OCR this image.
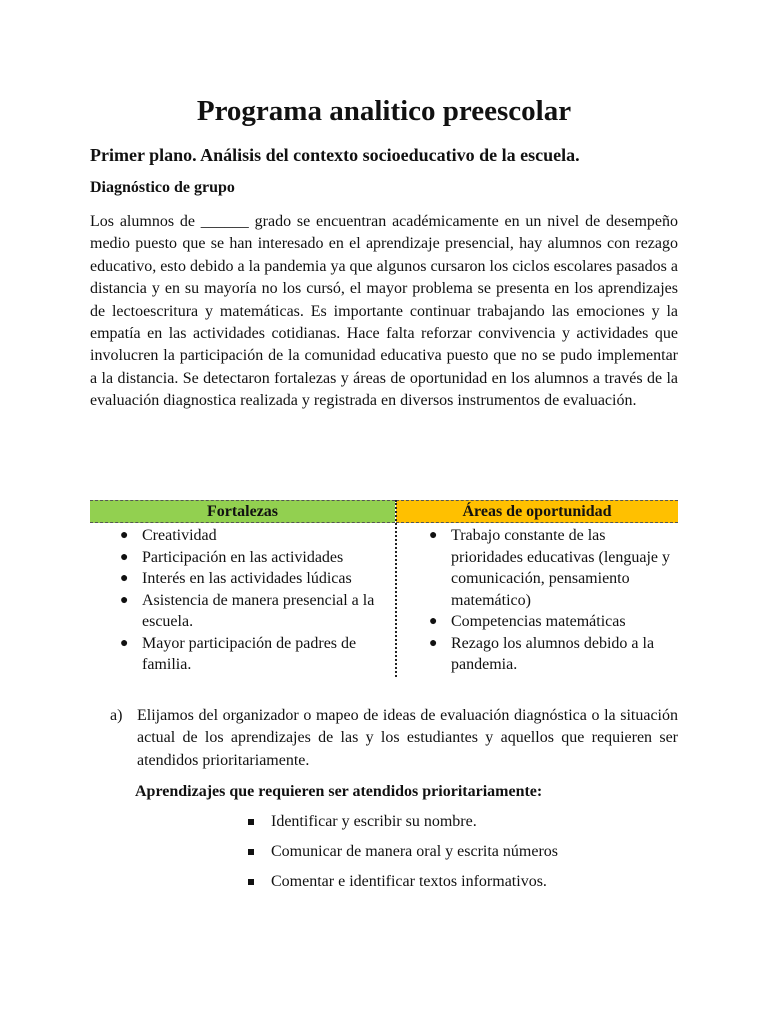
Programa analitico preescolar
Primer plano. Análisis del contexto socioeducativo de la escuela.
Diagnóstico de grupo

Los alumnos de ______ grado se encuentran académicamente en un nivel de desempeño medio puesto que se han interesado en el aprendizaje presencial, hay alumnos con rezago educativo, esto debido a la pandemia ya que algunos cursaron los ciclos escolares pasados a distancia y en su mayoría no los cursó, el mayor problema se presenta en los aprendizajes de lectoescritura y matemáticas. Es importante continuar trabajando las emociones y la empatía en las actividades cotidianas. Hace falta reforzar convivencia y actividades que involucren la participación de la comunidad educativa puesto que no se pudo implementar a la distancia. Se detectaron fortalezas y áreas de oportunidad en los alumnos a través de la evaluación diagnostica realizada y registrada en diversos instrumentos de evaluación.

Fortalezas	Áreas de oportunidad
● Creatividad
● Participación en las actividades
● Interés en las actividades lúdicas
● Asistencia de manera presencial a la escuela.
● Mayor participación de padres de familia.
● Trabajo constante de las prioridades educativas (lenguaje y comunicación, pensamiento matemático)
● Competencias matemáticas
● Rezago los alumnos debido a la pandemia.
a) Elijamos del organizador o mapeo de ideas de evaluación diagnóstica o la situación actual de los aprendizajes de las y los estudiantes y aquellos que requieren ser atendidos prioritariamente.
Aprendizajes que requieren ser atendidos prioritariamente:
Identificar y escribir su nombre.
Comunicar de manera oral y escrita números
Comentar e identificar textos informativos.
